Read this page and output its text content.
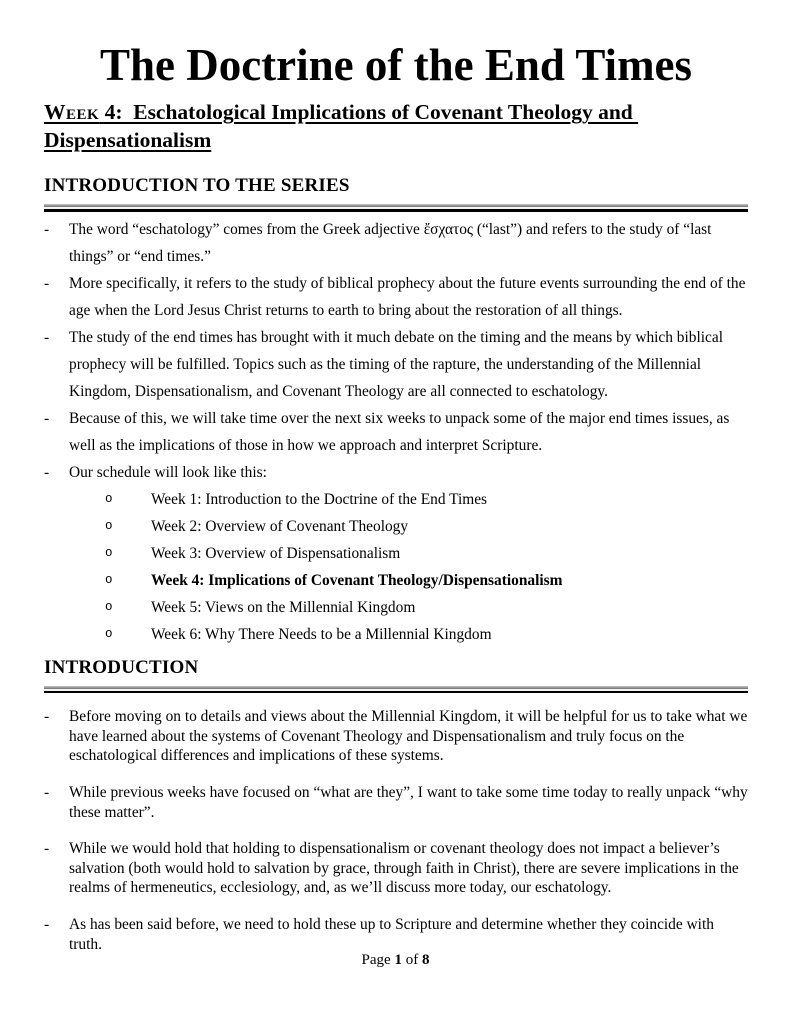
The Doctrine of the End Times
Week 4:  Eschatological Implications of Covenant Theology and
Dispensationalism
INTRODUCTION TO THE SERIES
-	The word “eschatology” comes from the Greek adjective ἔσχατος (“last”) and refers to the study of “last things” or “end times.”
-	More specifically, it refers to the study of biblical prophecy about the future events surrounding the end of the age when the Lord Jesus Christ returns to earth to bring about the restoration of all things.
-	The study of the end times has brought with it much debate on the timing and the means by which biblical prophecy will be fulfilled. Topics such as the timing of the rapture, the understanding of the Millennial Kingdom, Dispensationalism, and Covenant Theology are all connected to eschatology.
-	Because of this, we will take time over the next six weeks to unpack some of the major end times issues, as well as the implications of those in how we approach and interpret Scripture.
-	Our schedule will look like this:
o	Week 1: Introduction to the Doctrine of the End Times
o	Week 2: Overview of Covenant Theology
o	Week 3: Overview of Dispensationalism
o	Week 4: Implications of Covenant Theology/Dispensationalism
o	Week 5: Views on the Millennial Kingdom
o	Week 6: Why There Needs to be a Millennial Kingdom
INTRODUCTION
-	Before moving on to details and views about the Millennial Kingdom, it will be helpful for us to take what we have learned about the systems of Covenant Theology and Dispensationalism and truly focus on the eschatological differences and implications of these systems.
-	While previous weeks have focused on “what are they”, I want to take some time today to really unpack “why these matter”.
-	While we would hold that holding to dispensationalism or covenant theology does not impact a believer’s salvation (both would hold to salvation by grace, through faith in Christ), there are severe implications in the realms of hermeneutics, ecclesiology, and, as we’ll discuss more today, our eschatology.
-	As has been said before, we need to hold these up to Scripture and determine whether they coincide with truth.
Page 1 of 8
